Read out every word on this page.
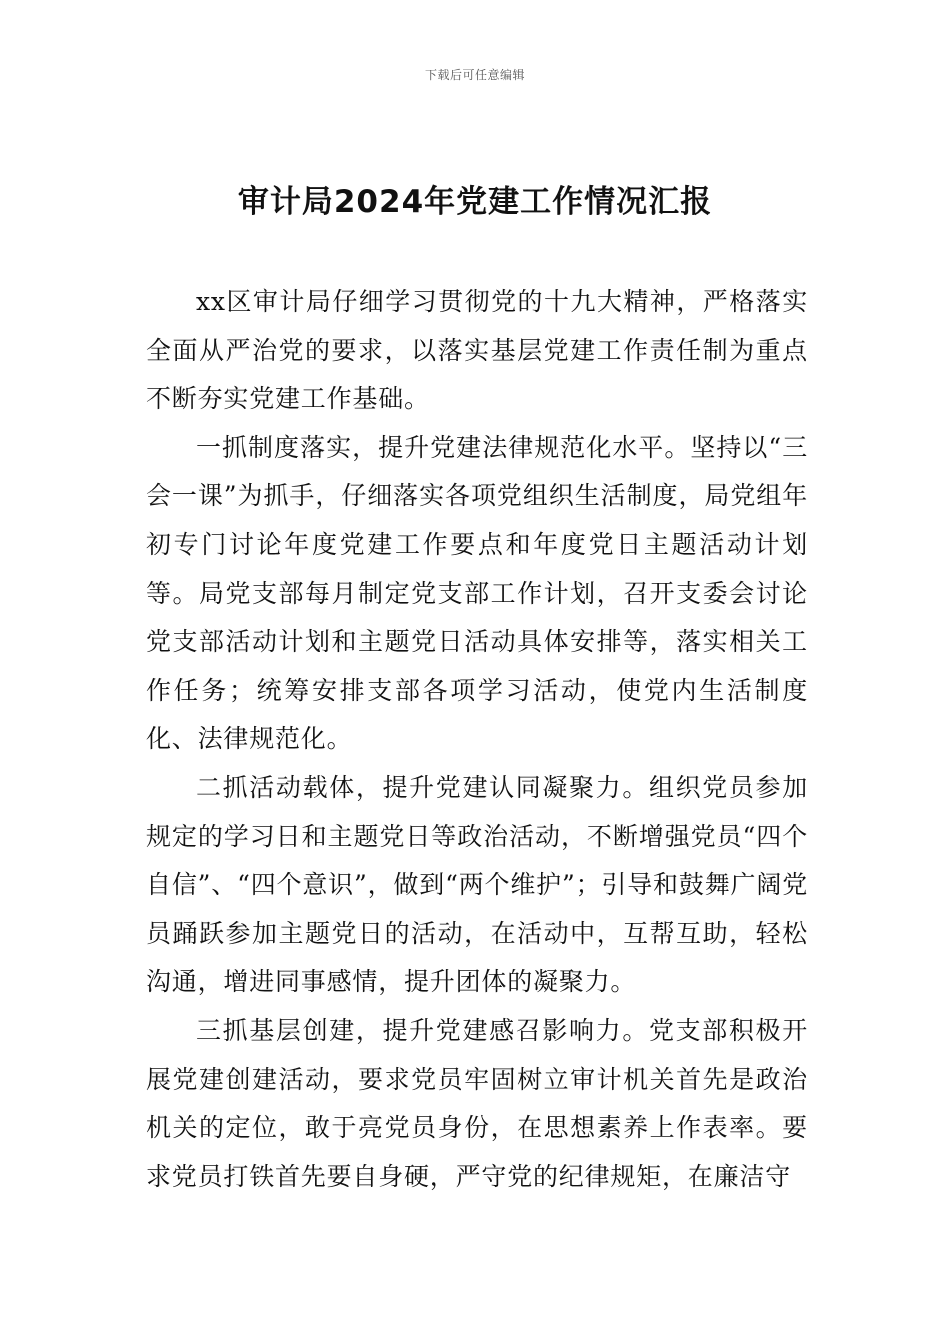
下载后可任意编辑
审计局2024年党建工作情况汇报

xx区审计局仔细学习贯彻党的十九大精神，严格落实全面从严治党的要求，以落实基层党建工作责任制为重点不断夯实党建工作基础。

一抓制度落实，提升党建法律规范化水平。坚持以“三会一课”为抓手，仔细落实各项党组织生活制度，局党组年初专门讨论年度党建工作要点和年度党日主题活动计划等。局党支部每月制定党支部工作计划，召开支委会讨论党支部活动计划和主题党日活动具体安排等，落实相关工作任务；统筹安排支部各项学习活动，使党内生活制度化、法律规范化。

二抓活动载体，提升党建认同凝聚力。组织党员参加规定的学习日和主题党日等政治活动，不断增强党员“四个自信”、“四个意识”，做到“两个维护”；引导和鼓舞广阔党员踊跃参加主题党日的活动，在活动中，互帮互助，轻松沟通，增进同事感情，提升团体的凝聚力。

三抓基层创建，提升党建感召影响力。党支部积极开展党建创建活动，要求党员牢固树立审计机关首先是政治机关的定位，敢于亮党员身份，在思想素养上作表率。要求党员打铁首先要自身硬，严守党的纪律规矩，在廉洁守
